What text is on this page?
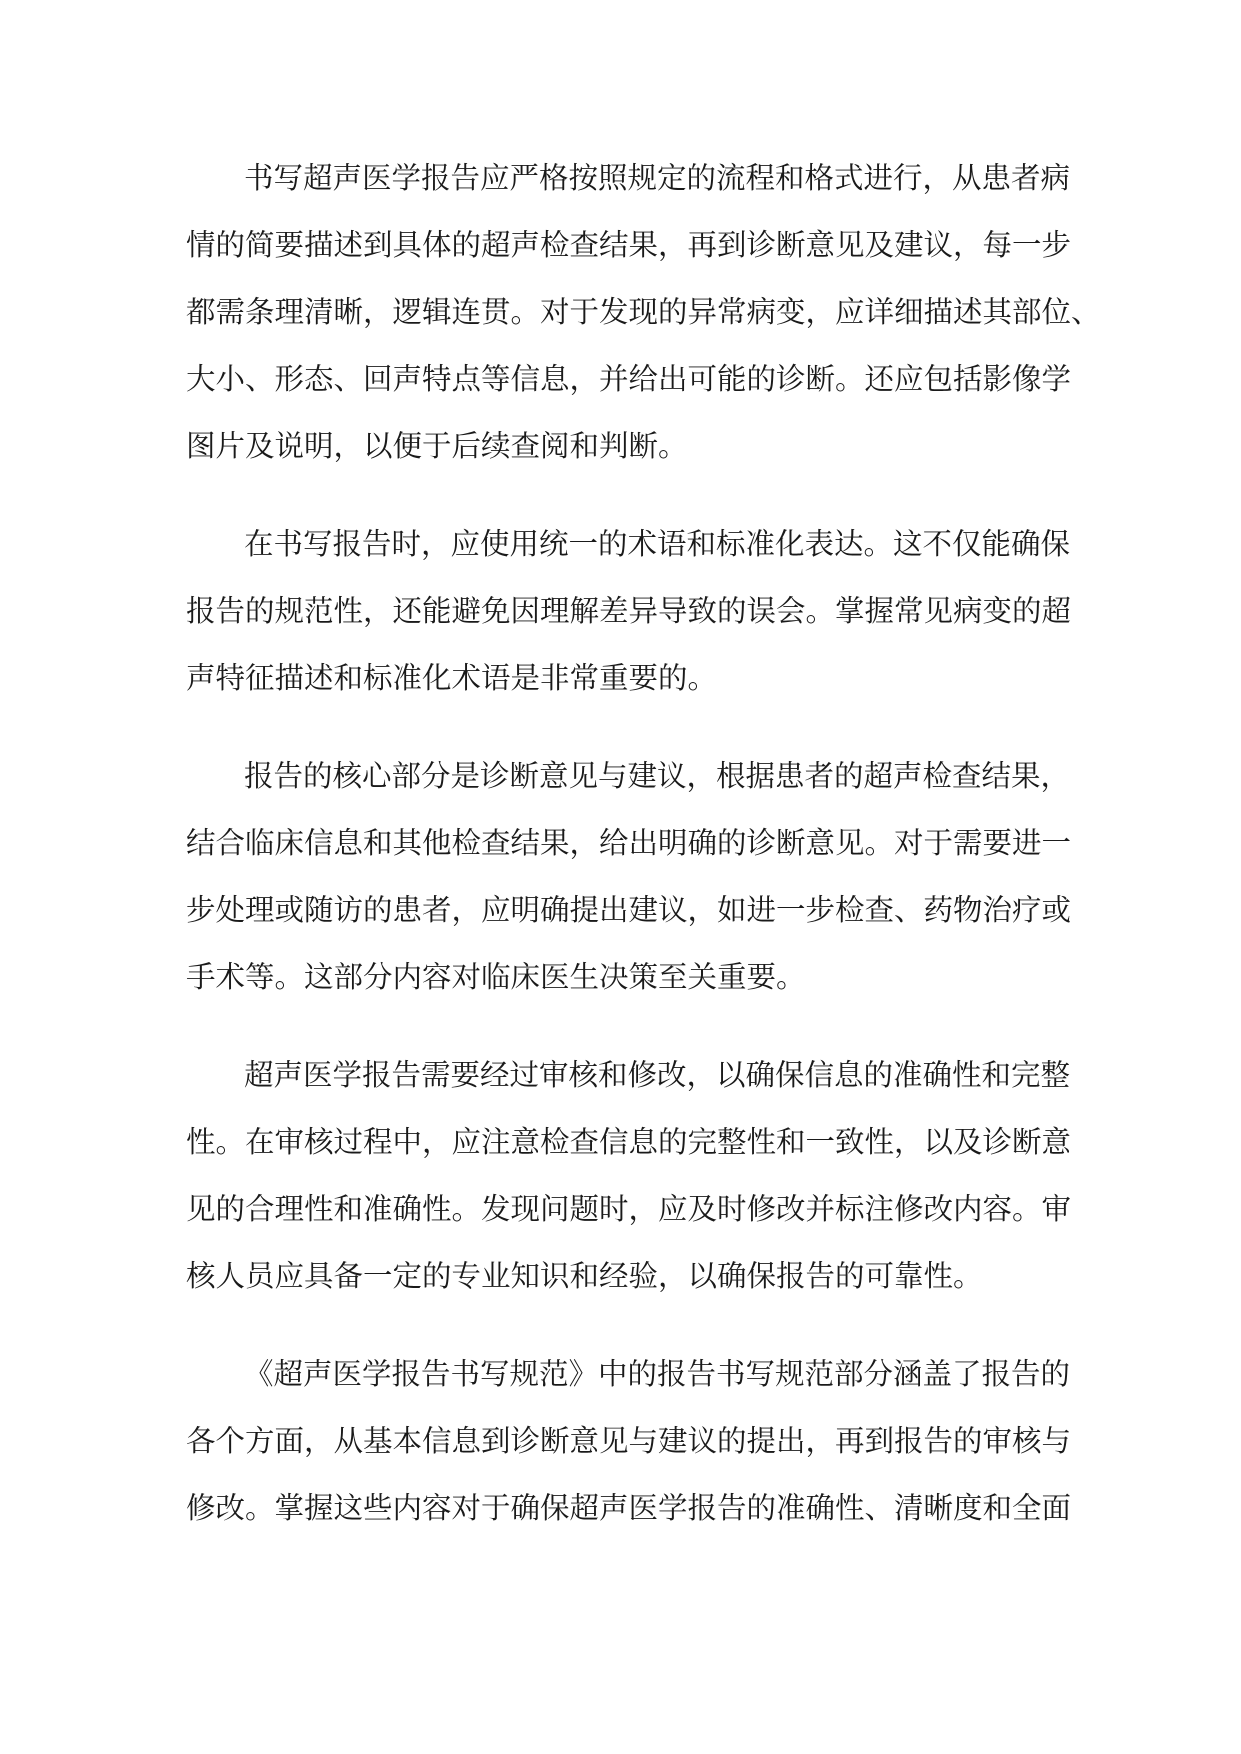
书写超声医学报告应严格按照规定的流程和格式进行，从患者病
情的简要描述到具体的超声检查结果，再到诊断意见及建议，每一步
都需条理清晰，逻辑连贯。对于发现的异常病变，应详细描述其部位、
大小、形态、回声特点等信息，并给出可能的诊断。还应包括影像学
图片及说明，以便于后续查阅和判断。
在书写报告时，应使用统一的术语和标准化表达。这不仅能确保
报告的规范性，还能避免因理解差异导致的误会。掌握常见病变的超
声特征描述和标准化术语是非常重要的。
报告的核心部分是诊断意见与建议，根据患者的超声检查结果，
结合临床信息和其他检查结果，给出明确的诊断意见。对于需要进一
步处理或随访的患者，应明确提出建议，如进一步检查、药物治疗或
手术等。这部分内容对临床医生决策至关重要。
超声医学报告需要经过审核和修改，以确保信息的准确性和完整
性。在审核过程中，应注意检查信息的完整性和一致性，以及诊断意
见的合理性和准确性。发现问题时，应及时修改并标注修改内容。审
核人员应具备一定的专业知识和经验，以确保报告的可靠性。
《超声医学报告书写规范》中的报告书写规范部分涵盖了报告的
各个方面，从基本信息到诊断意见与建议的提出，再到报告的审核与
修改。掌握这些内容对于确保超声医学报告的准确性、清晰度和全面
